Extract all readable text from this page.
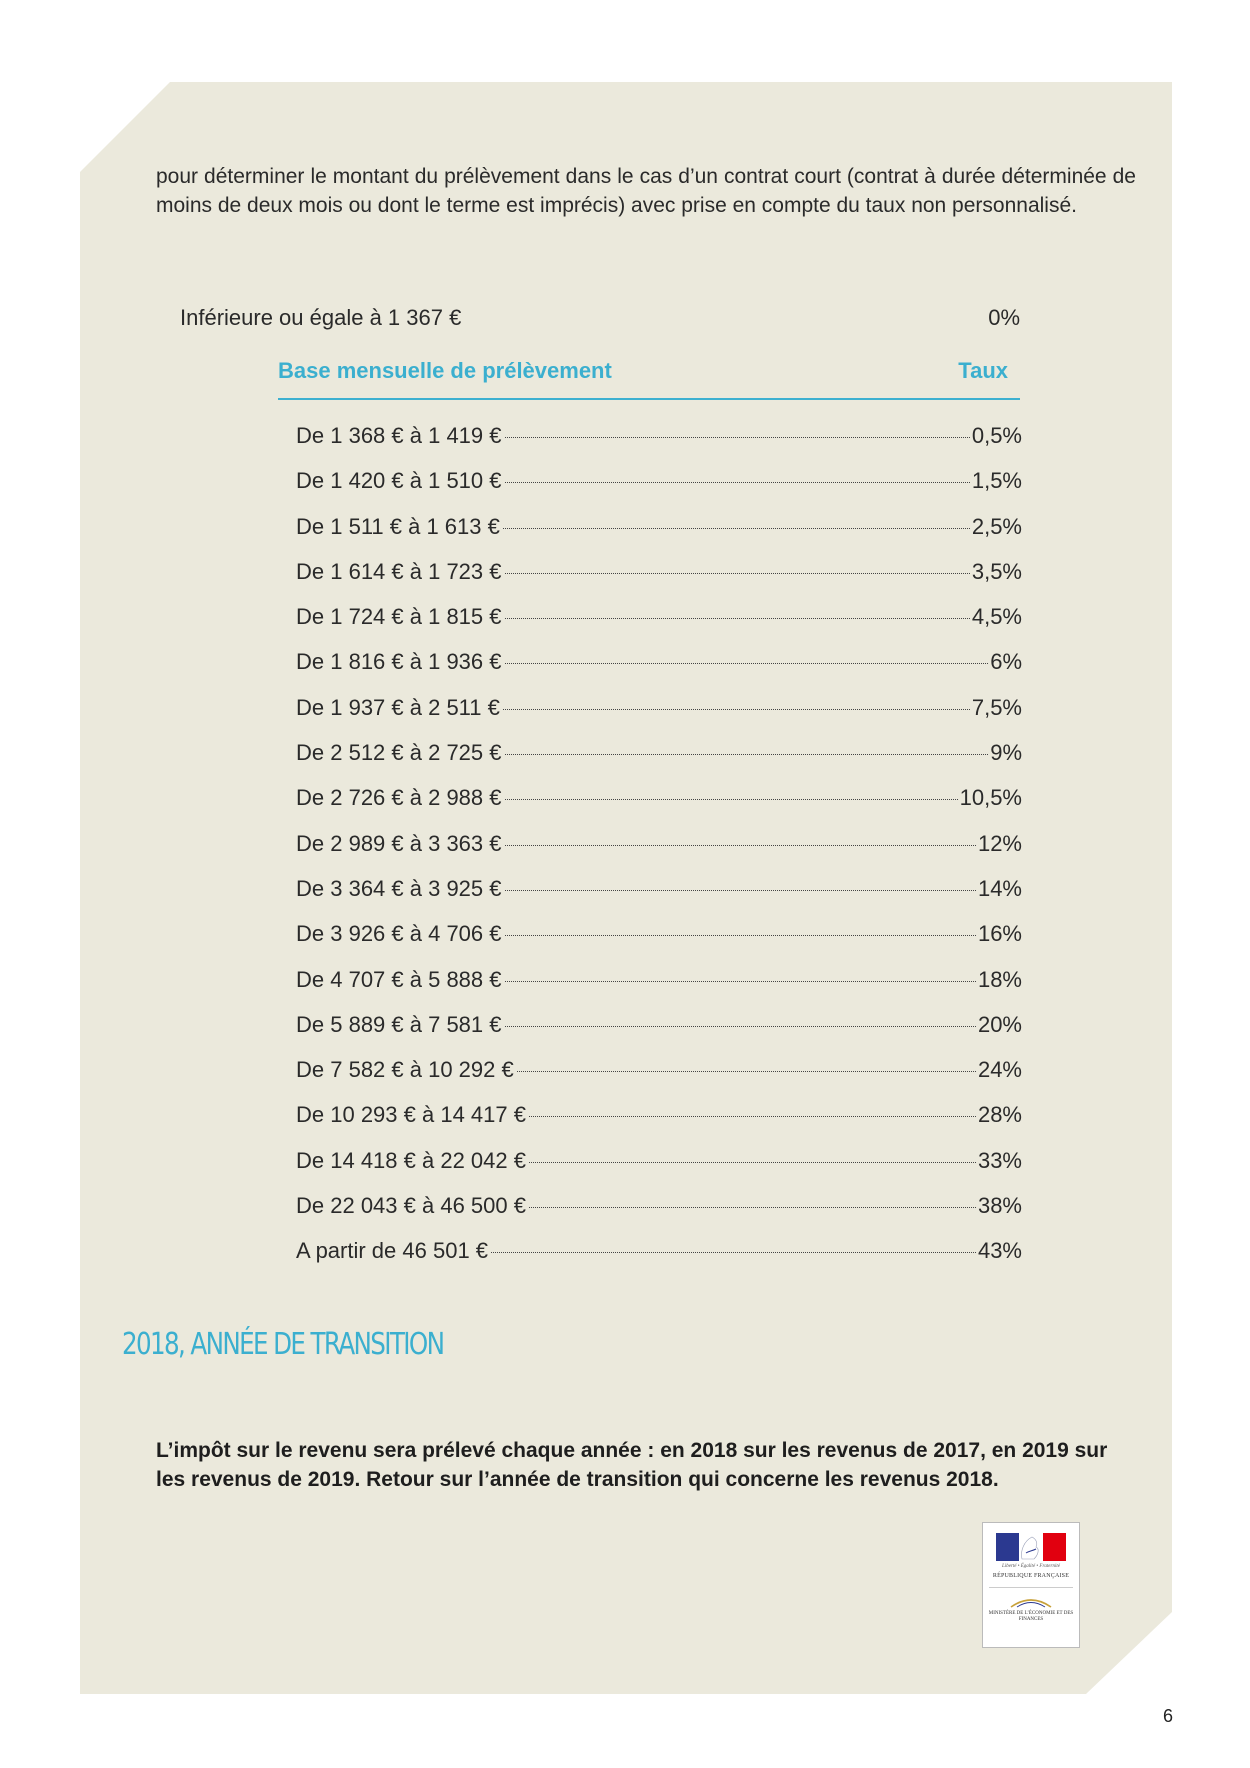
pour déterminer le montant du prélèvement dans le cas d’un contrat court (contrat à durée déterminée de moins de deux mois ou dont le terme est imprécis) avec prise en compte du taux non personnalisé.

Inférieure ou égale à 1 367 €	0%
Base mensuelle de prélèvement	Taux
De 1 368 € à 1 419 €	0,5%
De 1 420 € à 1 510 €	1,5%
De 1 511 € à 1 613 €	2,5%
De 1 614 € à 1 723 €	3,5%
De 1 724 € à 1 815 €	4,5%
De 1 816 € à 1 936 €	6%
De 1 937 € à 2 511 €	7,5%
De 2 512 € à 2 725 €	9%
De 2 726 € à 2 988 €	10,5%
De 2 989 € à 3 363 €	12%
De 3 364 € à 3 925 €	14%
De 3 926 € à 4 706 €	16%
De 4 707 € à 5 888 €	18%
De 5 889 € à 7 581 €	20%
De 7 582 € à 10 292 €	24%
De 10 293 € à 14 417 €	28%
De 14 418 € à 22 042 €	33%
De 22 043 € à 46 500 €	38%
A partir de 46 501 €	43%
2018, ANNÉE DE TRANSITION

L’impôt sur le revenu sera prélevé chaque année : en 2018 sur les revenus de 2017, en 2019 sur les revenus de 2019. Retour sur l’année de transition qui concerne les revenus 2018.

Liberté • Égalité • Fraternité
RÉPUBLIQUE FRANÇAISE
MINISTÈRE DE L’ÉCONOMIE ET DES FINANCES
6
